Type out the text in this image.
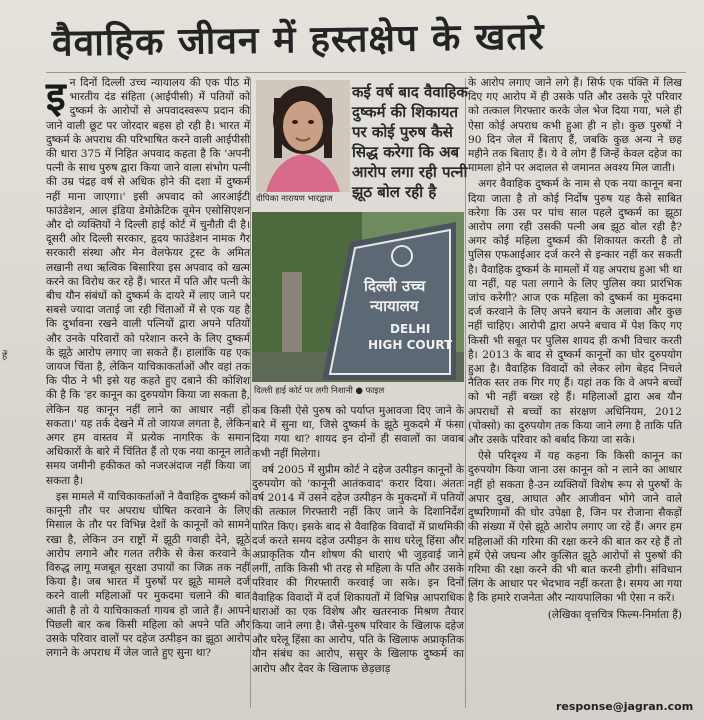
हें
वैवाहिक जीवन में हस्तक्षेप के खतरे

इन दिनों दिल्ली उच्च न्यायालय की एक पीठ में भारतीय दंड संहिता (आईपीसी) में पतियों को दुष्कर्म के आरोपों से अपवादस्वरूप प्रदान की जाने वाली छूट पर जोरदार बहस हो रही है। भारत में दुष्कर्म के अपराध की परिभाषित करने वाली आईपीसी की धारा 375 में निहित अपवाद कहता है कि 'अपनी पत्नी के साथ पुरुष द्वारा किया जाने वाला संभोग पत्नी की उम्र पंद्रह वर्ष से अधिक होने की दशा में दुष्कर्म नहीं माना जाएगा।' इसी अपवाद को आरआईटी फाउंडेशन, आल इंडिया डेमोक्रेटिक वूमेन एसोसिएशन और दो व्यक्तियों ने दिल्ली हाई कोर्ट में चुनौती दी है। दूसरी ओर दिल्ली सरकार, हृदय फाउंडेशन नामक गैर सरकारी संस्था और मेन वेलफेयर ट्रस्ट के अमित लखानी तथा ऋत्विक बिसारिया इस अपवाद को खत्म करने का विरोध कर रहे हैं। भारत में पति और पत्नी के बीच यौन संबंधों को दुष्कर्म के दायरे में लाए जाने पर सबसे ज्यादा जताई जा रही चिंताओं में से एक यह है कि दुर्भावना रखने वाली पत्नियों द्वारा अपने पतियों और उनके परिवारों को परेशान करने के लिए दुष्कर्म के झूठे आरोप लगाए जा सकते हैं। हालांकि यह एक जायज चिंता है, लेकिन याचिकाकर्ताओं और वहां तक कि पीठ ने भी इसे यह कहते हुए दबाने की कोशिश की है कि 'हर कानून का दुरुपयोग किया जा सकता है, लेकिन यह कानून नहीं लाने का आधार नहीं हो सकता।' यह तर्क देखने में तो जायज लगता है, लेकिन अगर हम वास्तव में प्रत्येक नागरिक के समान अधिकारों के बारे में चिंतित हैं तो एक नया कानून लाते समय जमीनी हकीकत को नजरअंदाज नहीं किया जा सकता है।

इस मामले में याचिकाकर्ताओं ने वैवाहिक दुष्कर्म को कानूनी तौर पर अपराध घोषित करवाने के लिए मिसाल के तौर पर विभिन्न देशों के कानूनों को सामने रखा है, लेकिन उन राष्ट्रों में झूठी गवाही देने, झूठे आरोप लगाने और गलत तरीके से केस करवाने के विरुद्ध लागू मजबूत सुरक्षा उपायों का जिक्र तक नहीं किया है। जब भारत में पुरुषों पर झूठे मामले दर्ज करने वाली महिलाओं पर मुकदमा चलाने की बात आती है तो ये याचिकाकर्ता गायब हो जाते हैं। आपने पिछली बार कब किसी महिला को अपने पति और उसके परिवार वालों पर दहेज उत्पीड़न का झूठा आरोप लगाने के अपराध में जेल जाते हुए सुना था?

दीपिका नारायण भारद्वाज
कई वर्ष बाद वैवाहिक दुष्कर्म की शिकायत पर कोई पुरुष कैसे सिद्ध करेगा कि अब आरोप लगा रही पत्नी झूठ बोल रही है
दिल्ली उच्च
न्यायालय
DELHI
HIGH COURT
दिल्ली हाई कोर्ट पर लगी निशानी ● फाइल

कब किसी ऐसे पुरुष को पर्याप्त मुआवजा दिए जाने के बारे में सुना था, जिसे दुष्कर्म के झूठे मुकदमे में फंसा दिया गया था? शायद इन दोनों ही सवालों का जवाब कभी नहीं मिलेगा।

वर्ष 2005 में सुप्रीम कोर्ट ने दहेज उत्पीड़न कानूनों के दुरुपयोग को 'कानूनी आतंकवाद' करार दिया। अंततः वर्ष 2014 में उसने दहेज उत्पीड़न के मुकदमों में पतियों की तत्काल गिरफ्तारी नहीं किए जाने के दिशानिर्देश पारित किए। इसके बाद से वैवाहिक विवादों में प्राथमिकी दर्ज करते समय दहेज उत्पीड़न के साथ घरेलू हिंसा और अप्राकृतिक यौन शोषण की धाराएं भी जुड़वाई जाने लगीं, ताकि किसी भी तरह से महिला के पति और उसके परिवार की गिरफ्तारी करवाई जा सके। इन दिनों वैवाहिक विवादों में दर्ज शिकायतों में विभिन्न आपराधिक धाराओं का एक विशेष और खतरनाक मिश्रण तैयार किया जाने लगा है। जैसे-पुरुष परिवार के खिलाफ दहेज और घरेलू हिंसा का आरोप, पति के खिलाफ अप्राकृतिक यौन संबंध का आरोप, ससुर के खिलाफ दुष्कर्म का आरोप और देवर के खिलाफ छेड़छाड़

के आरोप लगाए जाने लगे हैं। सिर्फ एक पंक्ति में लिख दिए गए आरोप में ही उसके पति और उसके पूरे परिवार को तत्काल गिरफ्तार करके जेल भेज दिया गया, भले ही ऐसा कोई अपराध कभी हुआ ही न हो। कुछ पुरुषों ने 90 दिन जेल में बिताए हैं, जबकि कुछ अन्य ने छह महीने तक बिताए हैं। ये वे लोग हैं जिन्हें केवल दहेज का मामला होने पर अदालत से जमानत अवश्य मिल जाती।

अगर वैवाहिक दुष्कर्म के नाम से एक नया कानून बना दिया जाता है तो कोई निर्दोष पुरुष यह कैसे साबित करेगा कि उस पर पांच साल पहले दुष्कर्म का झूठा आरोप लगा रही उसकी पत्नी अब झूठ बोल रही है? अगर कोई महिला दुष्कर्म की शिकायत करती है तो पुलिस एफआईआर दर्ज करने से इन्कार नहीं कर सकती है। वैवाहिक दुष्कर्म के मामलों में यह अपराध हुआ भी था या नहीं, यह पता लगाने के लिए पुलिस क्या प्रारंभिक जांच करेगी? आज एक महिला को दुष्कर्म का मुकदमा दर्ज करवाने के लिए अपने बयान के अलावा और कुछ नहीं चाहिए। आरोपी द्वारा अपने बचाव में पेश किए गए किसी भी सबूत पर पुलिस शायद ही कभी विचार करती है। 2013 के बाद से दुष्कर्म कानूनों का घोर दुरुपयोग हुआ है। वैवाहिक विवादों को लेकर लोग बेहद निचले नैतिक स्तर तक गिर गए हैं। यहां तक कि वे अपने बच्चों को भी नहीं बख्श रहे हैं। महिलाओं द्वारा अब यौन अपराधों से बच्चों का संरक्षण अधिनियम, 2012 (पोक्सो) का दुरुपयोग तक किया जाने लगा है ताकि पति और उसके परिवार को बर्बाद किया जा सके।

ऐसे परिदृश्य में यह कहना कि किसी कानून का दुरुपयोग किया जाना उस कानून को न लाने का आधार नहीं हो सकता है-उन व्यक्तियों विशेष रूप से पुरुषों के अपार दुख, आघात और आजीवन भोगे जाने वाले दुष्परिणामों की घोर उपेक्षा है, जिन पर रोजाना सैकड़ों की संख्या में ऐसे झूठे आरोप लगाए जा रहे हैं। अगर हम महिलाओं की गरिमा की रक्षा करने की बात कर रहे हैं तो हमें ऐसे जघन्य और कुत्सित झूठे आरोपों से पुरुषों की गरिमा की रक्षा करने की भी बात करनी होगी। संविधान लिंग के आधार पर भेदभाव नहीं करता है। समय आ गया है कि हमारे राजनेता और न्यायपालिका भी ऐसा न करें।

(लेखिका वृत्तचित्र फिल्म-निर्माता हैं)

response@jagran.com
